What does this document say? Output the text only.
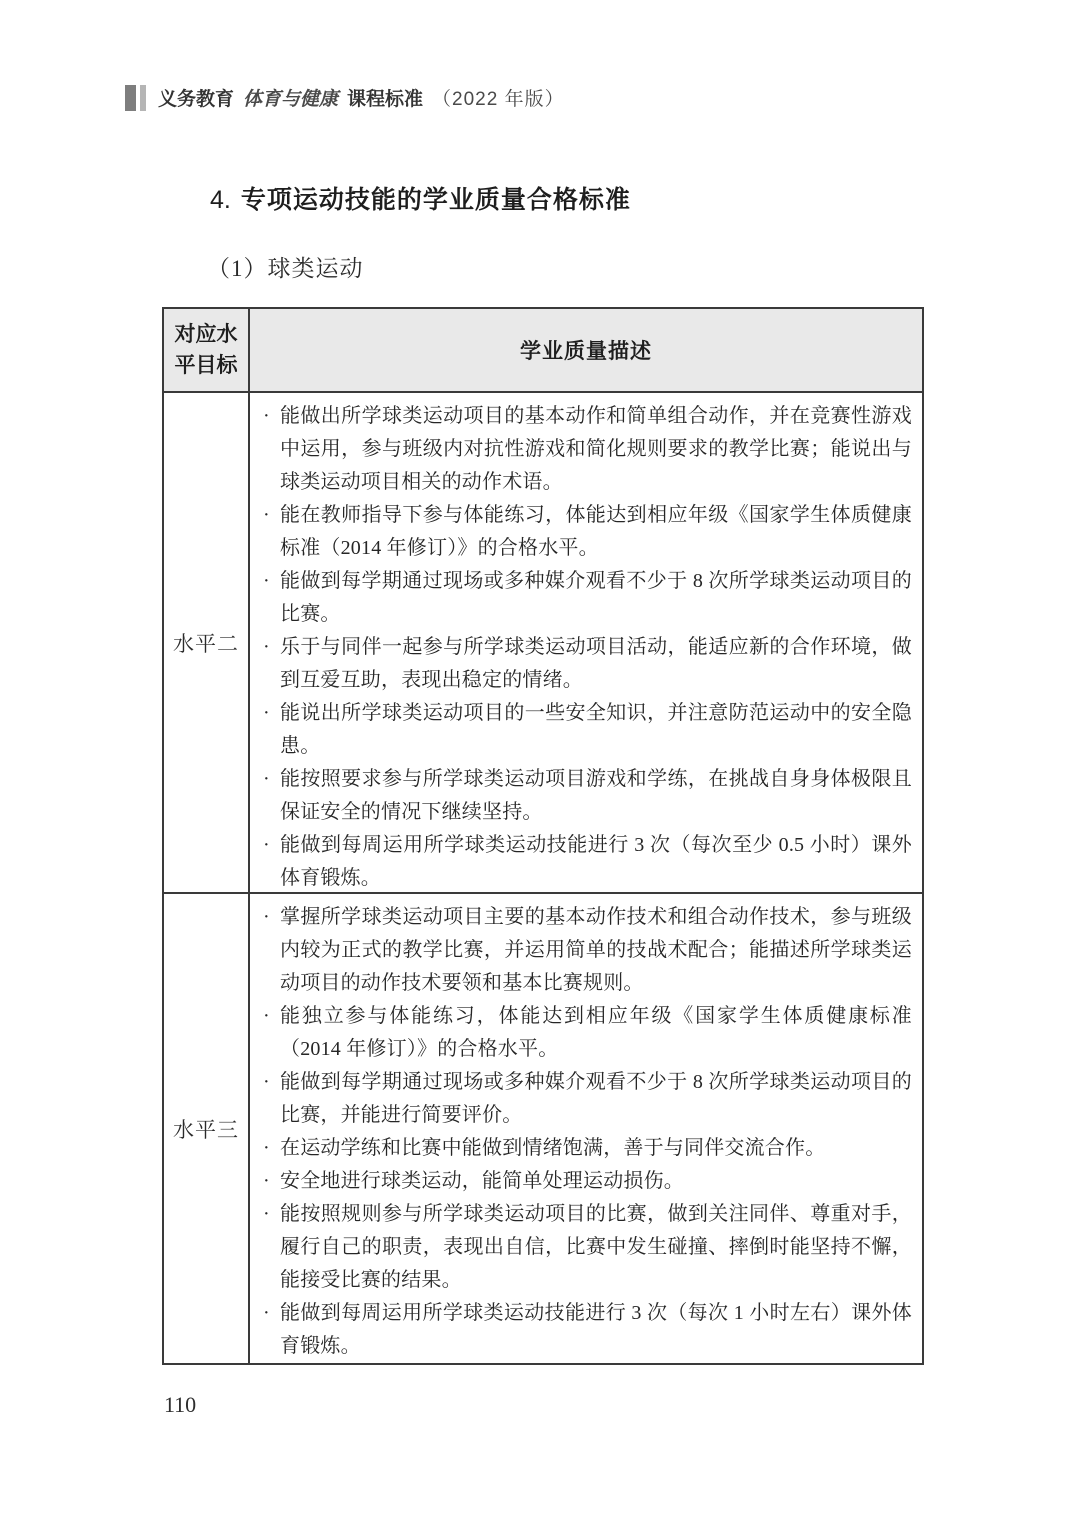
义务教育 体育与健康 课程标准 （2022 年版）
4. 专项运动技能的学业质量合格标准
（1）球类运动
对应水平目标
学业质量描述
水平二
· 能做出所学球类运动项目的基本动作和简单组合动作，并在竞赛性游戏中运用，参与班级内对抗性游戏和简化规则要求的教学比赛；能说出与球类运动项目相关的动作术语。
· 能在教师指导下参与体能练习，体能达到相应年级《国家学生体质健康标准（2014 年修订）》的合格水平。
· 能做到每学期通过现场或多种媒介观看不少于 8 次所学球类运动项目的比赛。
· 乐于与同伴一起参与所学球类运动项目活动，能适应新的合作环境，做到互爱互助，表现出稳定的情绪。
· 能说出所学球类运动项目的一些安全知识，并注意防范运动中的安全隐患。
· 能按照要求参与所学球类运动项目游戏和学练，在挑战自身身体极限且保证安全的情况下继续坚持。
· 能做到每周运用所学球类运动技能进行 3 次（每次至少 0.5 小时）课外体育锻炼。
水平三
· 掌握所学球类运动项目主要的基本动作技术和组合动作技术，参与班级内较为正式的教学比赛，并运用简单的技战术配合；能描述所学球类运动项目的动作技术要领和基本比赛规则。
· 能独立参与体能练习，体能达到相应年级《国家学生体质健康标准（2014 年修订）》的合格水平。
· 能做到每学期通过现场或多种媒介观看不少于 8 次所学球类运动项目的比赛，并能进行简要评价。
· 在运动学练和比赛中能做到情绪饱满，善于与同伴交流合作。
· 安全地进行球类运动，能简单处理运动损伤。
· 能按照规则参与所学球类运动项目的比赛，做到关注同伴、尊重对手，履行自己的职责，表现出自信，比赛中发生碰撞、摔倒时能坚持不懈，能接受比赛的结果。
· 能做到每周运用所学球类运动技能进行 3 次（每次 1 小时左右）课外体育锻炼。
110
